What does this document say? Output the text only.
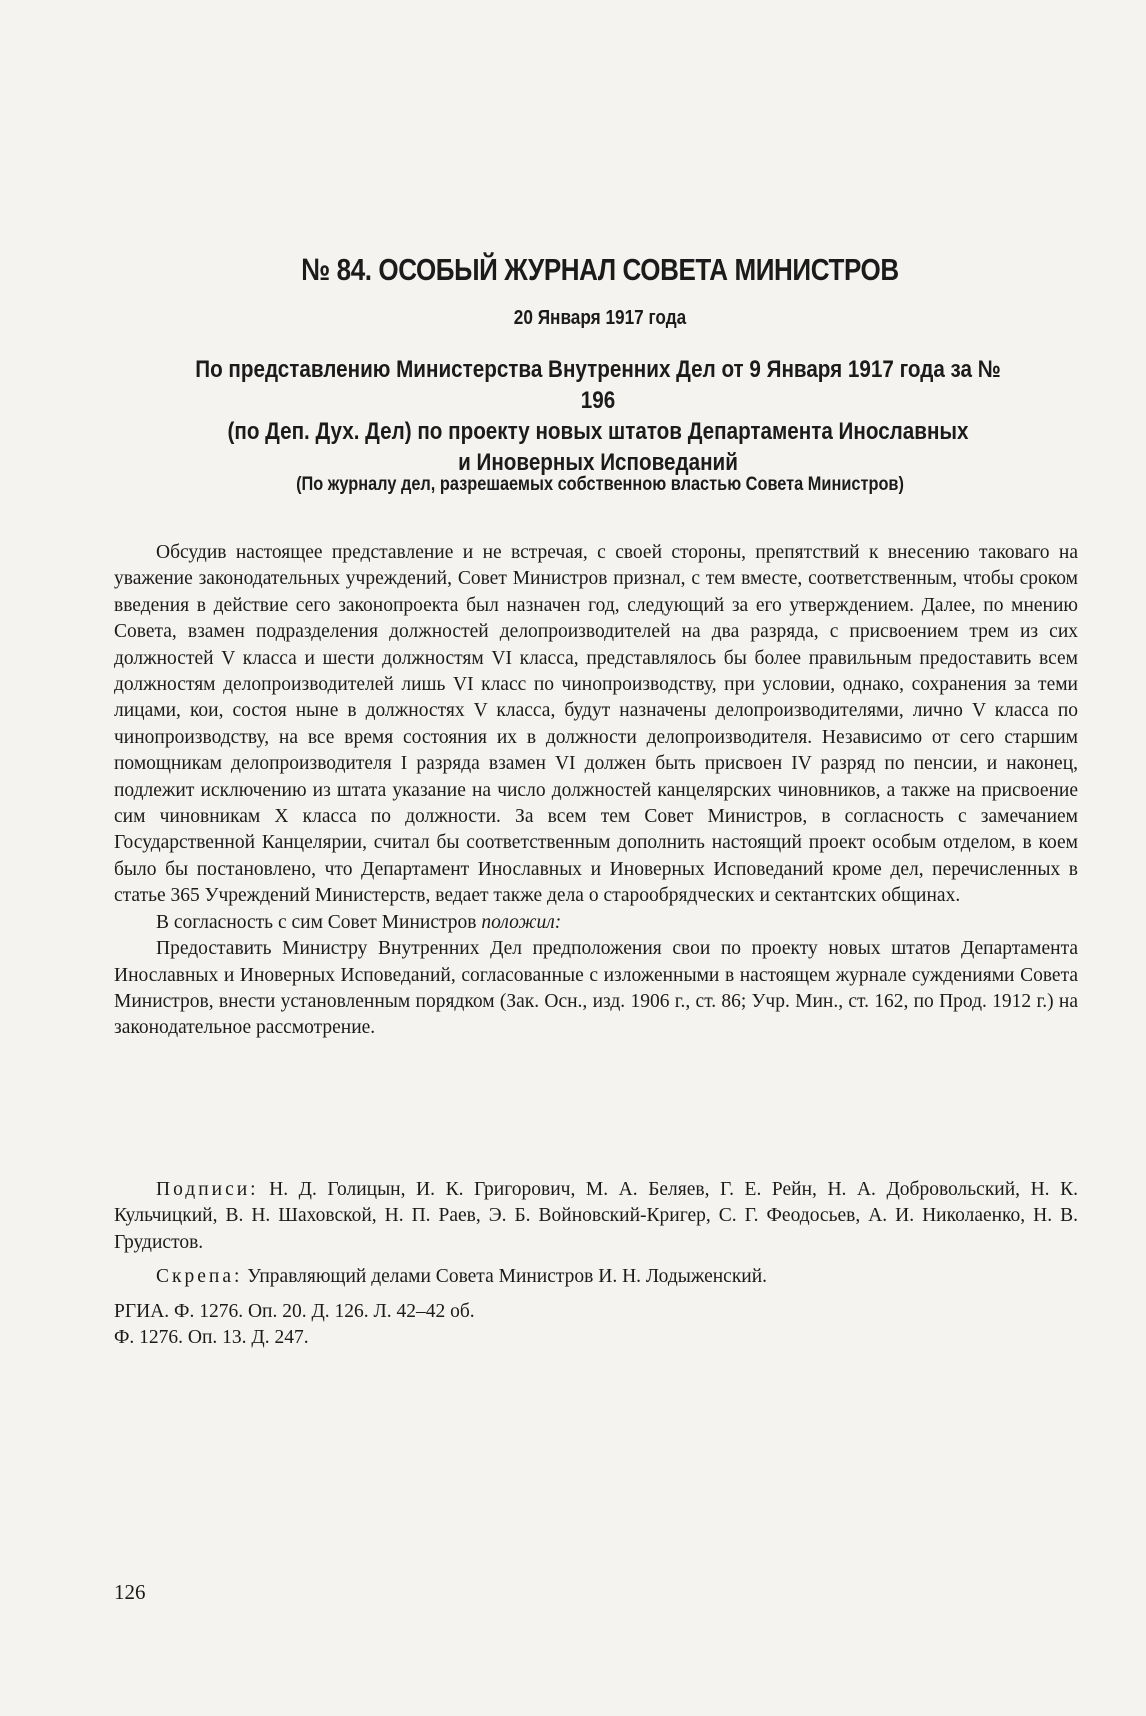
№ 84. ОСОБЫЙ ЖУРНАЛ СОВЕТА МИНИСТРОВ
20 Января 1917 года
По представлению Министерства Внутренних Дел от 9 Января 1917 года за № 196
(по Деп. Дух. Дел) по проекту новых штатов Департамента Инославных
и Иноверных Исповеданий
(По журналу дел, разрешаемых собственною властью Совета Министров)

Обсудив настоящее представление и не встречая, с своей стороны, препятствий к внесению таковаго на уважение законодательных учреждений, Совет Министров признал, с тем вместе, соответственным, чтобы сроком введения в действие сего законопроекта был назначен год, следующий за его утверждением. Далее, по мнению Совета, взамен подразделения должностей делопроизводителей на два разряда, с присвоением трем из сих должностей V класса и шести должностям VI класса, представлялось бы более правильным предоставить всем должностям делопроизводителей лишь VI класс по чинопроизводству, при условии, однако, сохранения за теми лицами, кои, состоя ныне в должностях V класса, будут назначены делопроизводителями, лично V класса по чинопроизводству, на все время состояния их в должности делопроизводителя. Независимо от сего старшим помощникам делопроизводителя I разряда взамен VI должен быть присвоен IV разряд по пенсии, и наконец, подлежит исключению из штата указание на число должностей канцелярских чиновников, а также на присвоение сим чиновникам X класса по должности. За всем тем Совет Министров, в согласность с замечанием Государственной Канцелярии, считал бы соответственным дополнить настоящий проект особым отделом, в коем было бы постановлено, что Департамент Инославных и Иноверных Исповеданий кроме дел, перечисленных в статье 365 Учреждений Министерств, ведает также дела о старообрядческих и сектантских общинах.

В согласность с сим Совет Министров положил:

Предоставить Министру Внутренних Дел предположения свои по проекту новых штатов Департамента Инославных и Иноверных Исповеданий, согласованные с изложенными в настоящем журнале суждениями Совета Министров, внести установленным порядком (Зак. Осн., изд. 1906 г., ст. 86; Учр. Мин., ст. 162, по Прод. 1912 г.) на законодательное рассмотрение.

Подписи: Н. Д. Голицын, И. К. Григорович, М. А. Беляев, Г. Е. Рейн, Н. А. Добровольский, Н. К. Кульчицкий, В. Н. Шаховской, Н. П. Раев, Э. Б. Войновский-Кригер, С. Г. Феодосьев, А. И. Николаенко, Н. В. Грудистов.

Скрепа: Управляющий делами Совета Министров И. Н. Лодыженский.

РГИА. Ф. 1276. Оп. 20. Д. 126. Л. 42–42 об.

Ф. 1276. Оп. 13. Д. 247.

126
